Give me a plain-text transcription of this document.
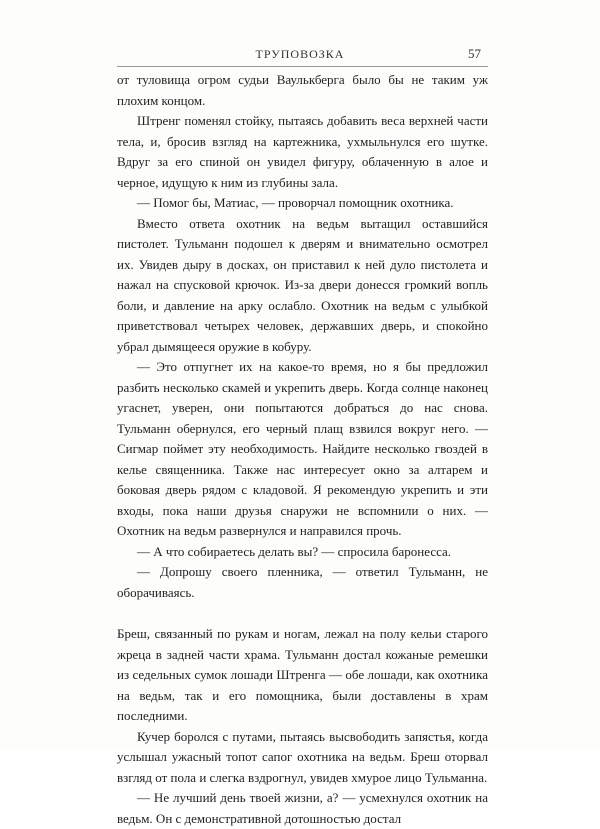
ТРУПОВОЗКА	57

от туловища огром судьи Ваулькберга было бы не таким уж плохим концом.

Штренг поменял стойку, пытаясь добавить веса верхней части тела, и, бросив взгляд на картежника, ухмыльнулся его шутке. Вдруг за его спиной он увидел фигуру, облаченную в алое и черное, идущую к ним из глубины зала.

— Помог бы, Матиас, — проворчал помощник охотника.

Вместо ответа охотник на ведьм вытащил оставшийся пистолет. Тульманн подошел к дверям и внимательно осмотрел их. Увидев дыру в досках, он приставил к ней дуло пистолета и нажал на спусковой крючок. Из-за двери донесся громкий вопль боли, и давление на арку ослабло. Охотник на ведьм с улыбкой приветствовал четырех человек, державших дверь, и спокойно убрал дымящееся оружие в кобуру.

— Это отпугнет их на какое-то время, но я бы предложил разбить несколько скамей и укрепить дверь. Когда солнце наконец угаснет, уверен, они попытаются добраться до нас снова. Тульманн обернулся, его черный плащ взвился вокруг него. — Сигмар поймет эту необходимость. Найдите несколько гвоздей в келье священника. Также нас интересует окно за алтарем и боковая дверь рядом с кладовой. Я рекомендую укрепить и эти входы, пока наши друзья снаружи не вспомнили о них. — Охотник на ведьм развернулся и направился прочь.

— А что собираетесь делать вы? — спросила баронесса.

— Допрошу своего пленника, — ответил Тульманн, не оборачиваясь.

Бреш, связанный по рукам и ногам, лежал на полу кельи старого жреца в задней части храма. Тульманн достал кожаные ремешки из седельных сумок лошади Штренга — обе лошади, как охотника на ведьм, так и его помощника, были доставлены в храм последними.

Кучер боролся с путами, пытаясь высвободить запястья, когда услышал ужасный топот сапог охотника на ведьм. Бреш оторвал взгляд от пола и слегка вздрогнул, увидев хмурое лицо Тульманна.

— Не лучший день твоей жизни, а? — усмехнулся охотник на ведьм. Он с демонстративной дотошностью достал
